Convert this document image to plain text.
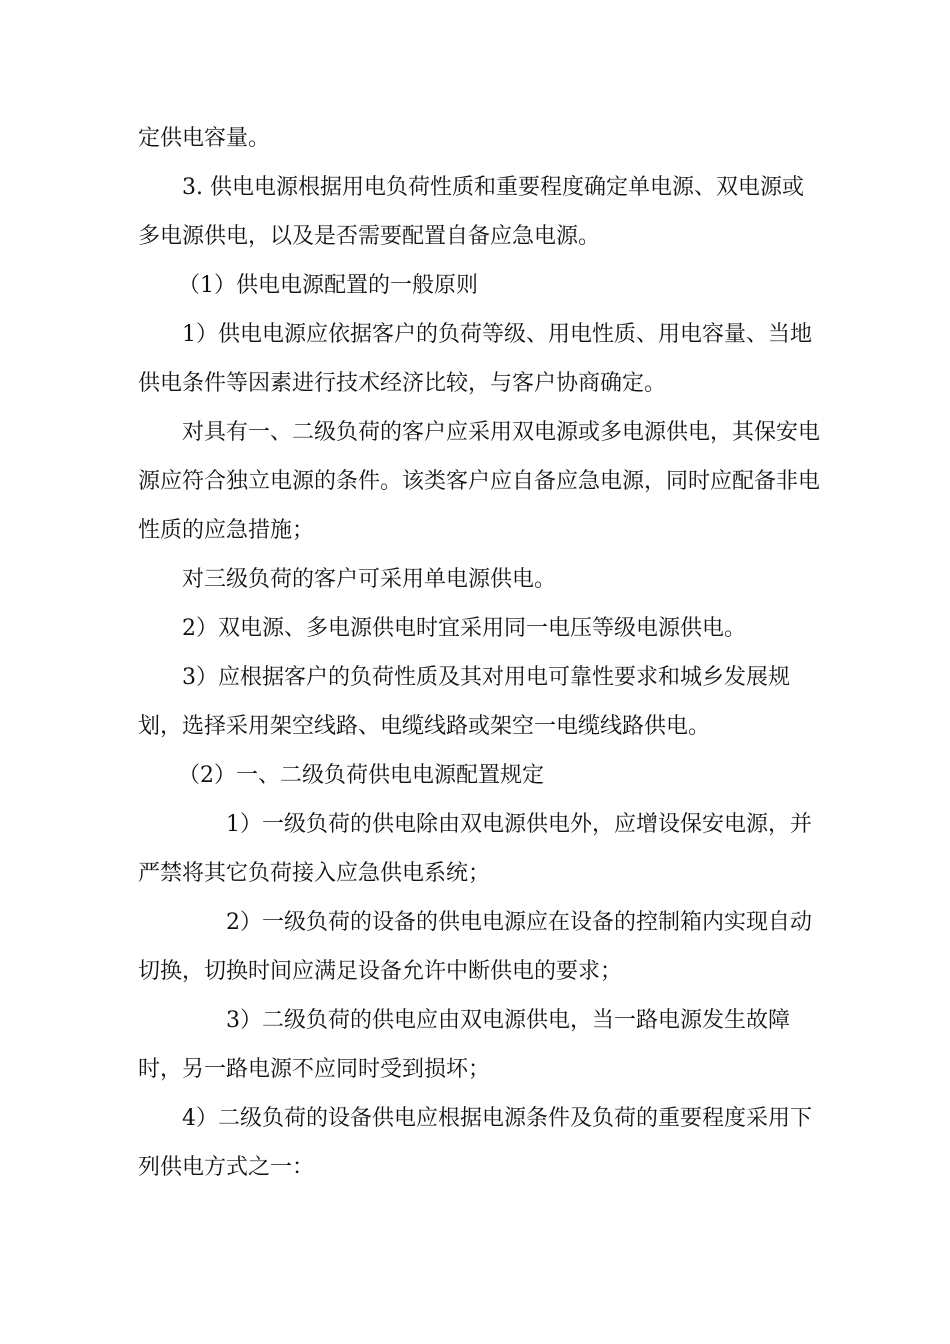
定供电容量。

3. 供电电源根据用电负荷性质和重要程度确定单电源、双电源或多电源供电，以及是否需要配置自备应急电源。

（1）供电电源配置的一般原则

1）供电电源应依据客户的负荷等级、用电性质、用电容量、当地供电条件等因素进行技术经济比较，与客户协商确定。

对具有一、二级负荷的客户应采用双电源或多电源供电，其保安电源应符合独立电源的条件。该类客户应自备应急电源，同时应配备非电性质的应急措施；

对三级负荷的客户可采用单电源供电。

2）双电源、多电源供电时宜采用同一电压等级电源供电。

3）应根据客户的负荷性质及其对用电可靠性要求和城乡发展规划，选择采用架空线路、电缆线路或架空一电缆线路供电。

（2）一、二级负荷供电电源配置规定

1）一级负荷的供电除由双电源供电外，应增设保安电源，并严禁将其它负荷接入应急供电系统；

2）一级负荷的设备的供电电源应在设备的控制箱内实现自动切换，切换时间应满足设备允许中断供电的要求；

3）二级负荷的供电应由双电源供电，当一路电源发生故障时，另一路电源不应同时受到损坏；

4）二级负荷的设备供电应根据电源条件及负荷的重要程度采用下列供电方式之一：
